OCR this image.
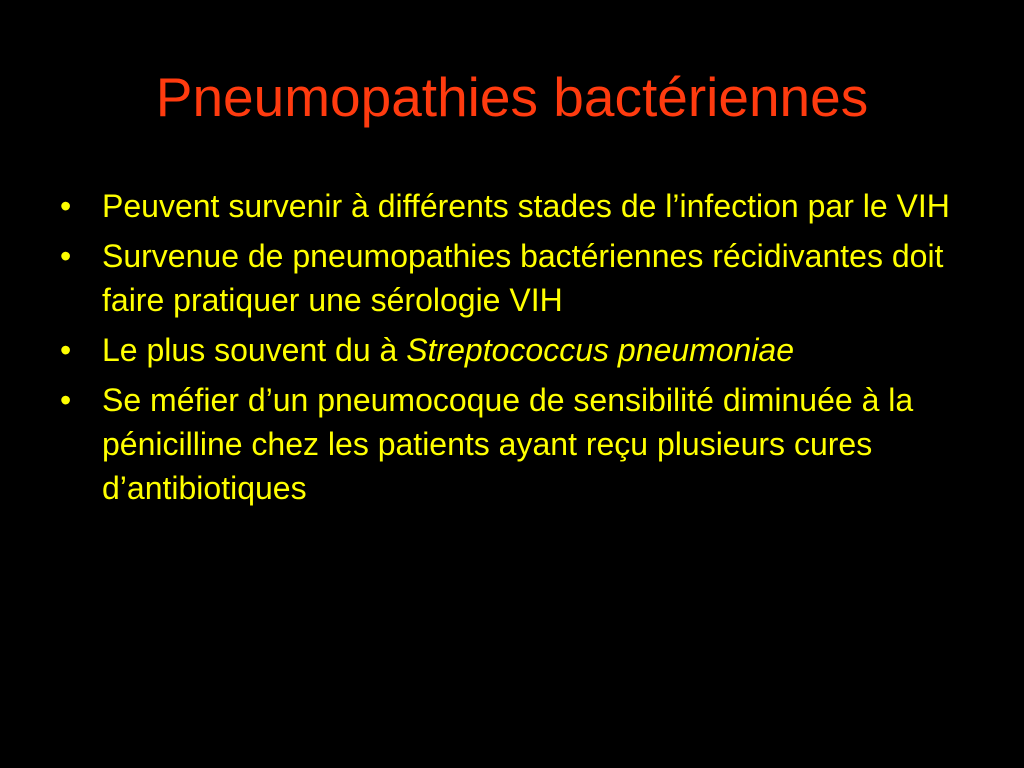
Pneumopathies bactériennes
• Peuvent survenir à différents stades de l’infection par le VIH
• Survenue de pneumopathies bactériennes récidivantes doit faire pratiquer une sérologie VIH
• Le plus souvent du à Streptococcus pneumoniae
• Se méfier d’un pneumocoque de sensibilité diminuée à la pénicilline chez les patients ayant reçu plusieurs cures d’antibiotiques
